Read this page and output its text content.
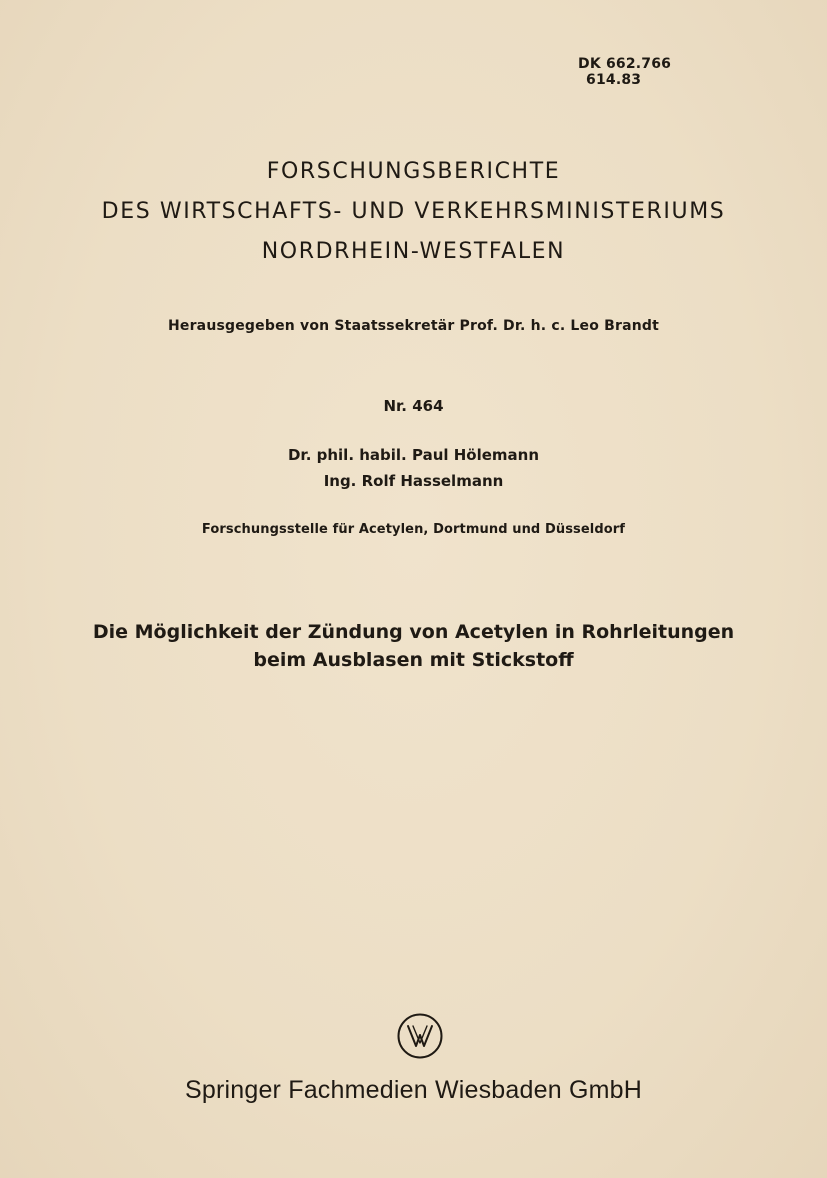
DK 662.766
614.83
FORSCHUNGSBERICHTE
DES WIRTSCHAFTS- UND VERKEHRSMINISTERIUMS
NORDRHEIN-WESTFALEN
Herausgegeben von Staatssekretär Prof. Dr. h. c. Leo Brandt
Nr. 464
Dr. phil. habil. Paul Hölemann
Ing. Rolf Hasselmann
Forschungsstelle für Acetylen, Dortmund und Düsseldorf
Die Möglichkeit der Zündung von Acetylen in Rohrleitungen
beim Ausblasen mit Stickstoff
Springer Fachmedien Wiesbaden GmbH
